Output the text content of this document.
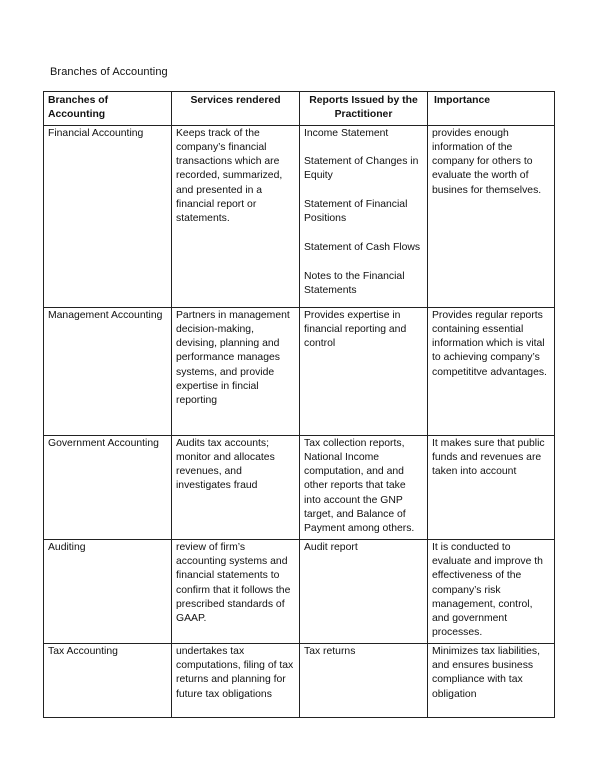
Branches of Accounting
Branches of Accounting	Services rendered	Reports Issued by the Practitioner	Importance
Financial Accounting	Keeps track of the company’s financial transactions which are recorded, summarized, and presented in a financial report or statements.	Income Statement

Statement of Changes in Equity

Statement of Financial Positions

Statement of Cash Flows

Notes to the Financial Statements	provides enough information of the company for others to evaluate the worth of busines for themselves.
Management Accounting	Partners in management decision-making, devising, planning and performance manages systems, and provide expertise in fincial reporting	Provides expertise in financial reporting and control	Provides regular reports containing essential information which is vital to achieving company’s competititve advantages.
Government Accounting	Audits tax accounts; monitor and allocates revenues, and investigates fraud	Tax collection reports, National Income computation, and and other reports that take into account the GNP target, and Balance of Payment among others.	It makes sure that public funds and revenues are taken into account
Auditing	review of firm’s accounting systems and financial statements to confirm that it follows the prescribed standards of GAAP.	Audit report	It is conducted to evaluate and improve th effectiveness of the company’s risk management, control, and government processes.
Tax Accounting	undertakes tax computations, filing of tax returns and planning for future tax obligations	Tax returns	Minimizes tax liabilities, and ensures business compliance with tax obligation
